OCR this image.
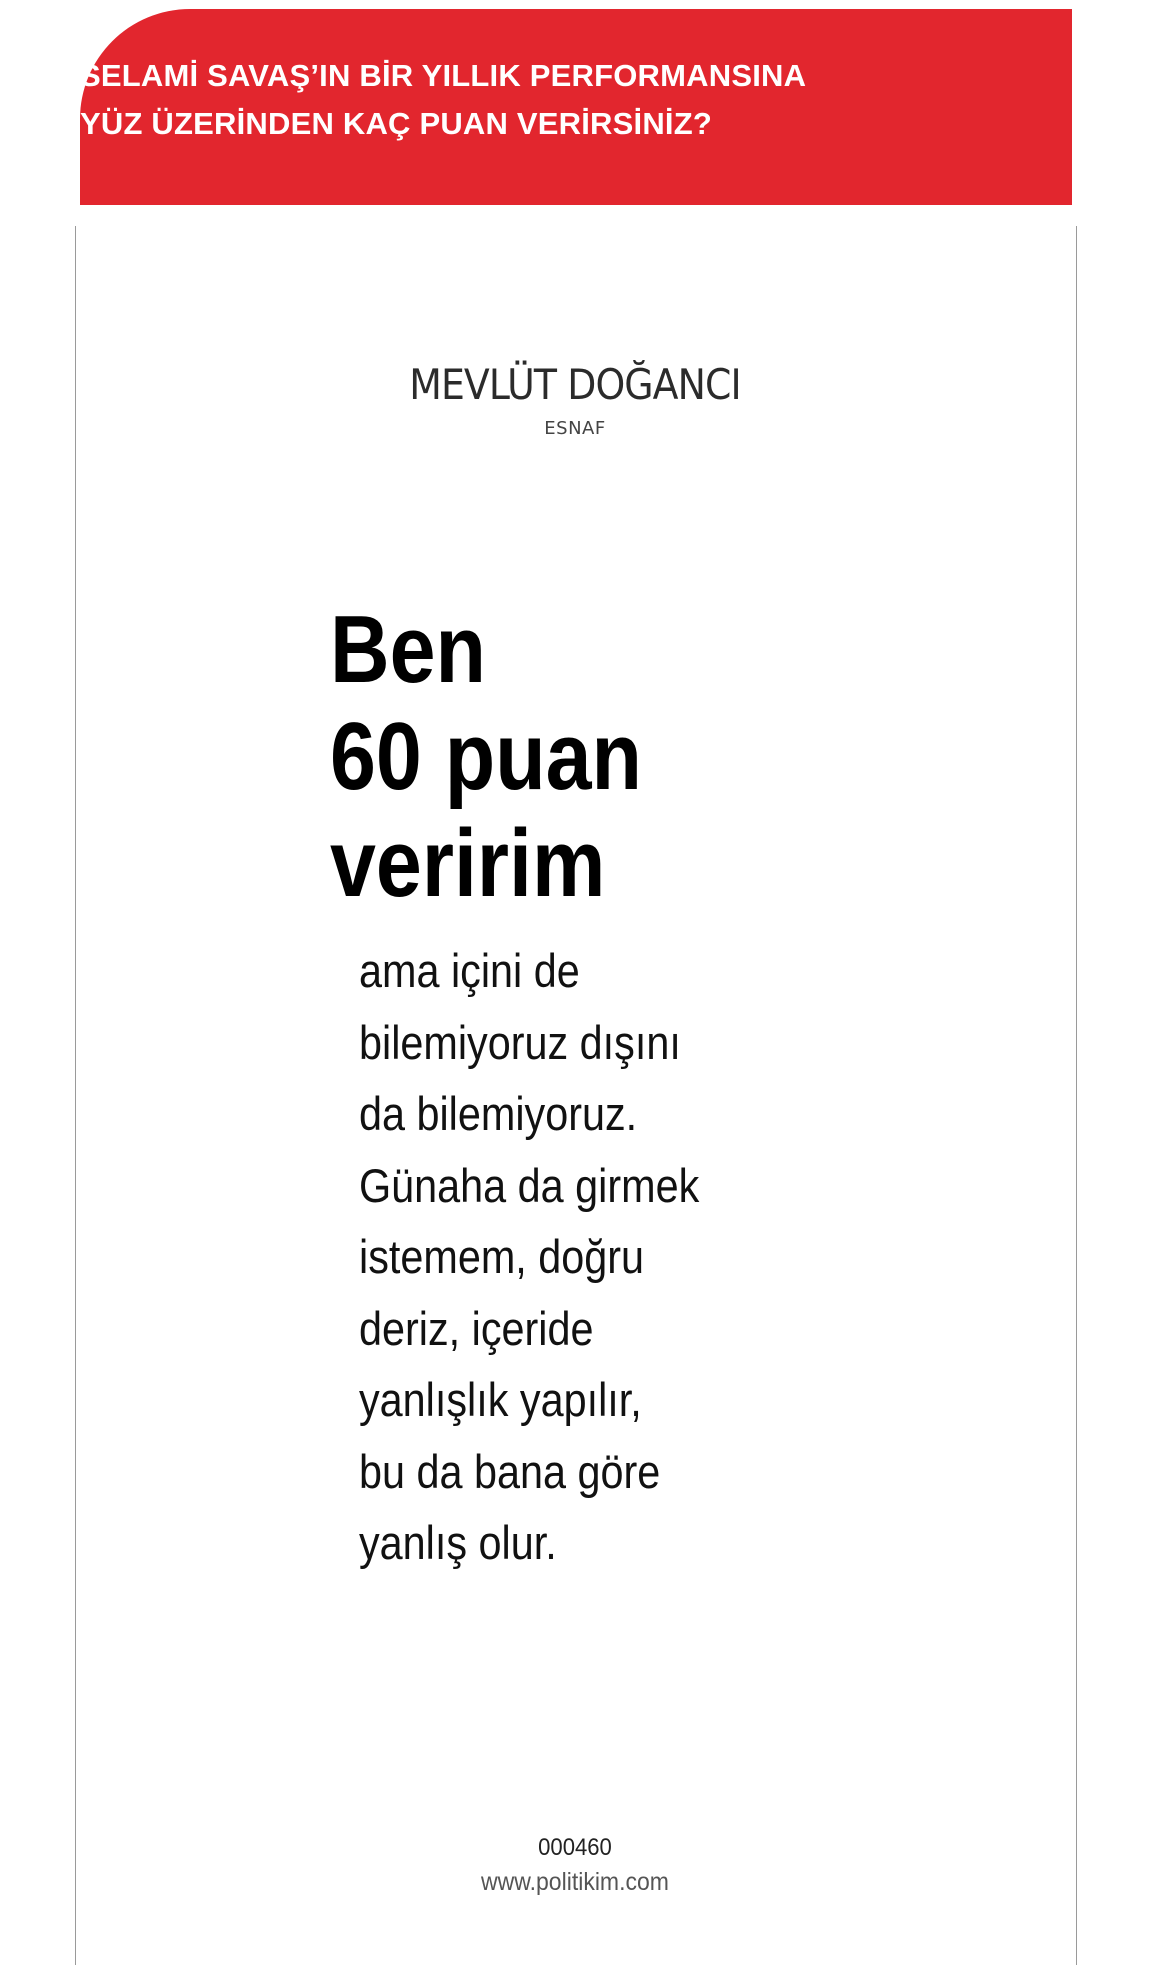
SELAMİ SAVAŞ’IN BİR YILLIK PERFORMANSINA
YÜZ ÜZERİNDEN KAÇ PUAN VERİRSİNİZ?
MEVLÜT DOĞANCI
ESNAF
Ben
60 puan
veririm
ama içini de
bilemiyoruz dışını
da bilemiyoruz.
Günaha da girmek
istemem, doğru
deriz, içeride
yanlışlık yapılır,
bu da bana göre
yanlış olur.
000460
www.politikim.com
